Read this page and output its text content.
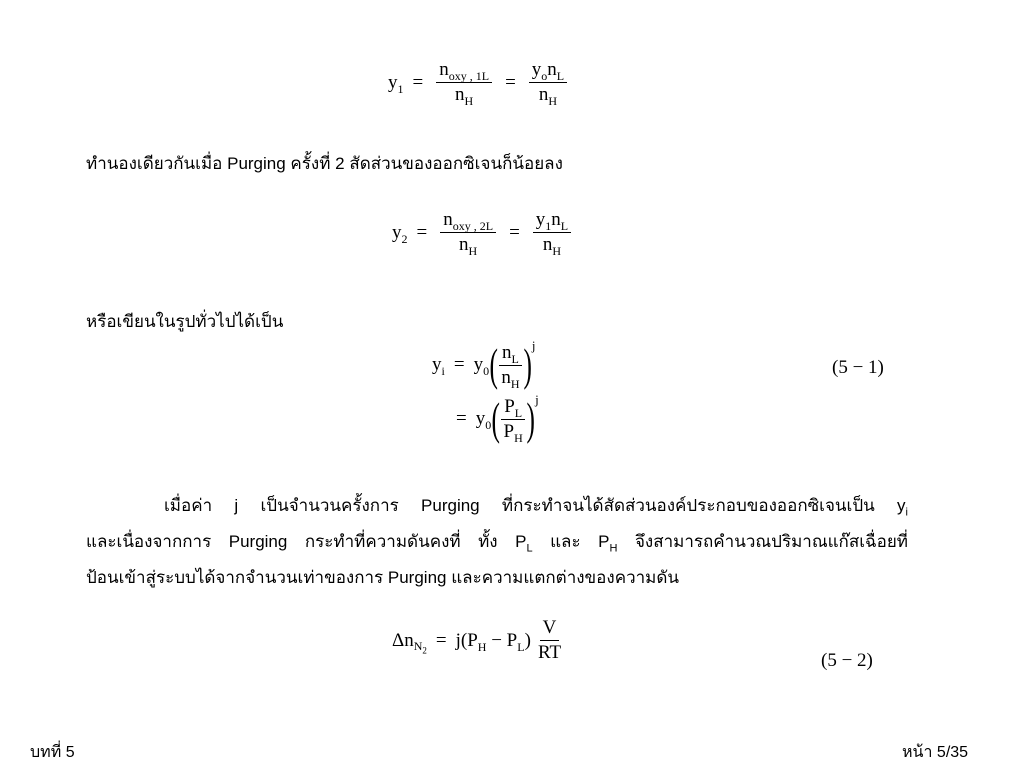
$y_1 = \frac{n_{oxy , 1L}}{n_H} = \frac{y_on_L}{n_H}$
ทำนองเดียวกันเมื่อ Purging ครั้งที่ 2 สัดส่วนของออกซิเจนก็น้อยลง
$y_2 = \frac{n_{oxy , 2L}}{n_H} = \frac{y_1n_L}{n_H}$
หรือเขียนในรูปทั่วไปได้เป็น
$y_i = y_0$ ( $\frac{n_L}{n_H}$ ) j
(5 − 1)
= $y_0$ ( $\frac{P_L}{P_H}$ ) j
เมื่อค่า j เป็นจำนวนครั้งการ Purging ที่กระทำจนได้สัดส่วนองค์ประกอบของออกซิเจนเป็น $y_i$
และเนื่องจากการ Purging กระทำที่ความดันคงที่ ทั้ง $P_L$ และ $P_H$ จึงสามารถคำนวณปริมาณแก๊สเฉื่อยที่
ป้อนเข้าสู่ระบบได้จากจำนวนเท่าของการ Purging และความแตกต่างของความดัน
$\Delta n_{N_2}$
= $j(P_H - P_L) \frac{V}{RT}$	(5 − 2)
บทที่ 5	หน้า 5/35
